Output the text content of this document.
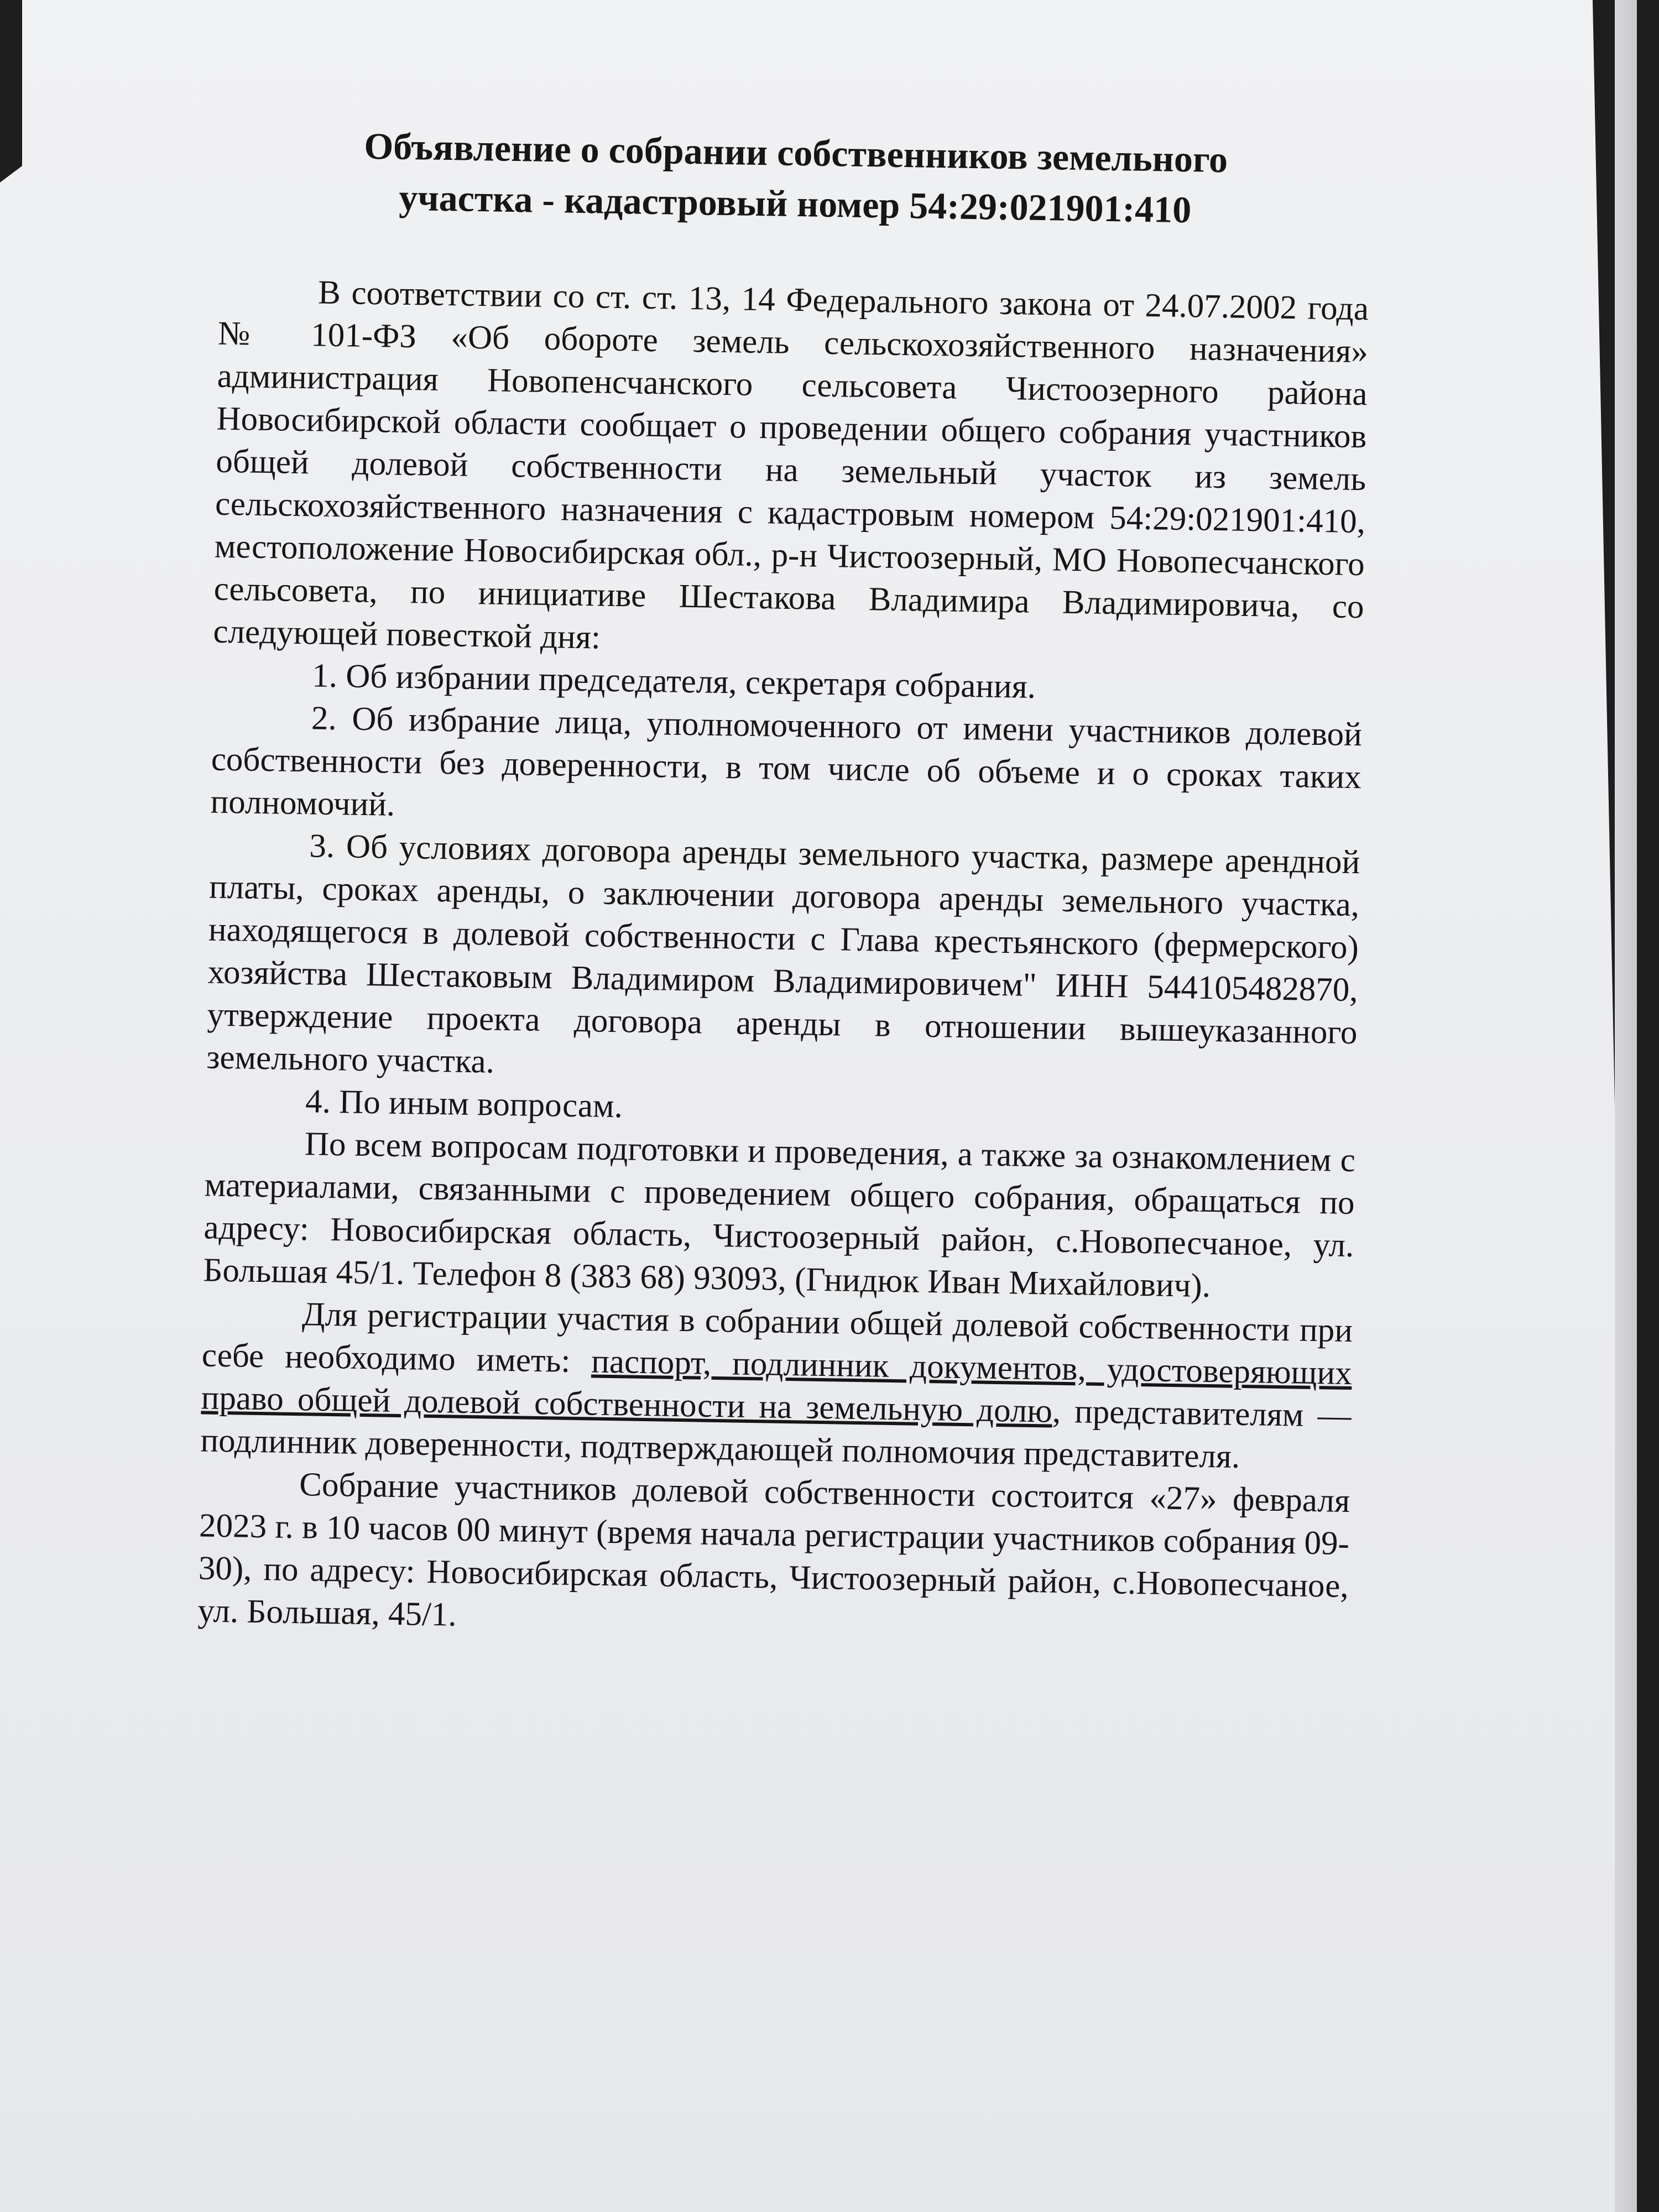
Объявление о собрании собственников земельного
участка - кадастровый номер 54:29:021901:410

В соответствии со ст. ст. 13, 14 Федерального закона от 24.07.2002 года № 101-ФЗ «Об обороте земель сельскохозяйственного назначения» администрация Новопенсчанского сельсовета Чистоозерного района Новосибирской области сообщает о проведении общего собрания участников общей долевой собственности на земельный участок из земель сельскохозяйственного назначения с кадастровым номером 54:29:021901:410, местоположение Новосибирская обл., р-н Чистоозерный, МО Новопесчанского сельсовета, по инициативе Шестакова Владимира Владимировича, со следующей повесткой дня:

1. Об избрании председателя, секретаря собрания.

2. Об избрание лица, уполномоченного от имени участников долевой собственности без доверенности, в том числе об объеме и о сроках таких полномочий.

3. Об условиях договора аренды земельного участка, размере арендной платы, сроках аренды, о заключении договора аренды земельного участка, находящегося в долевой собственности с Глава крестьянского (фермерского) хозяйства Шестаковым Владимиром Владимировичем" ИНН 544105482870, утверждение проекта договора аренды в отношении вышеуказанного земельного участка.

4. По иным вопросам.

По всем вопросам подготовки и проведения, а также за ознакомлением с материалами, связанными с проведением общего собрания, обращаться по адресу: Новосибирская область, Чистоозерный район, с.Новопесчаное, ул. Большая 45/1. Телефон 8 (383 68) 93093, (Гнидюк Иван Михайлович).

Для регистрации участия в собрании общей долевой собственности при себе необходимо иметь: паспорт, подлинник документов, удостоверяющих право общей долевой собственности на земельную долю, представителям — подлинник доверенности, подтверждающей полномочия представителя.

Собрание участников долевой собственности состоится «27» февраля 2023 г. в 10 часов 00 минут (время начала регистрации участников собрания 09-30), по адресу: Новосибирская область, Чистоозерный район, с.Новопесчаное, ул. Большая, 45/1.
